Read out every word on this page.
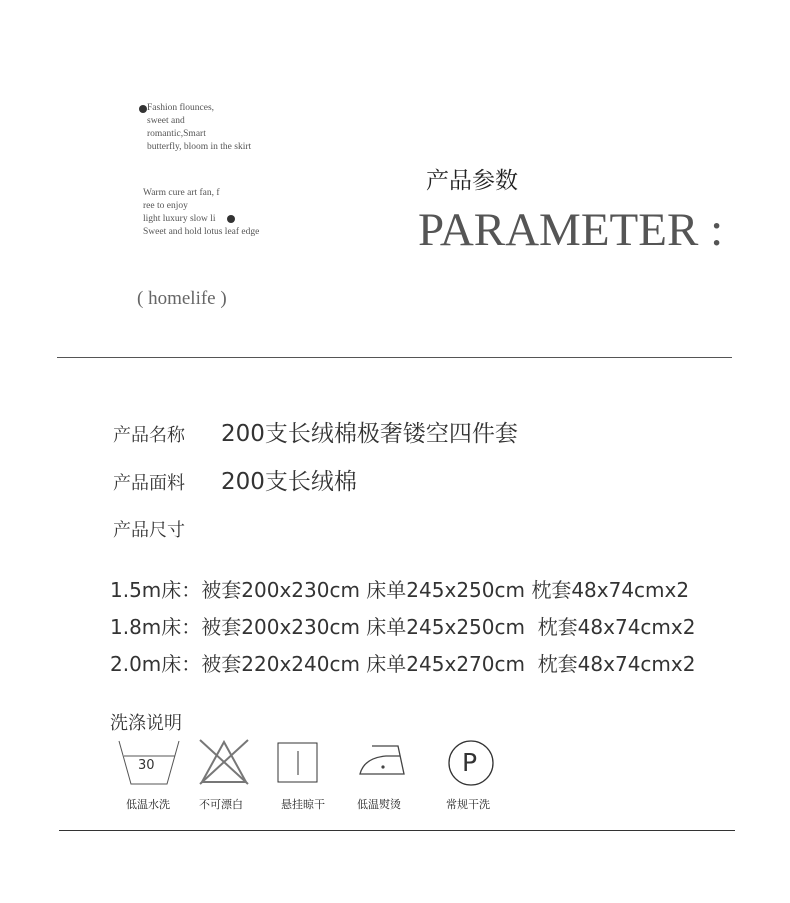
Fashion flounces,
sweet and
romantic,Smart
butterfly, bloom in the skirt
Warm cure art fan, f
ree to enjoy
light luxury slow li
Sweet and hold lotus leaf edge
( homelife )
产品参数
PARAMETER :
产品名称 200支长绒棉极奢镂空四件套
产品面料 200支长绒棉
产品尺寸
1.5m床：被套200x230cm 床单245x250cm 枕套48x74cmx2
1.8m床：被套200x230cm 床单245x250cm  枕套48x74cmx2
2.0m床：被套220x240cm 床单245x270cm  枕套48x74cmx2
洗涤说明
30	P
低温水洗	不可漂白	悬挂晾干	低温熨烫	常规干洗
